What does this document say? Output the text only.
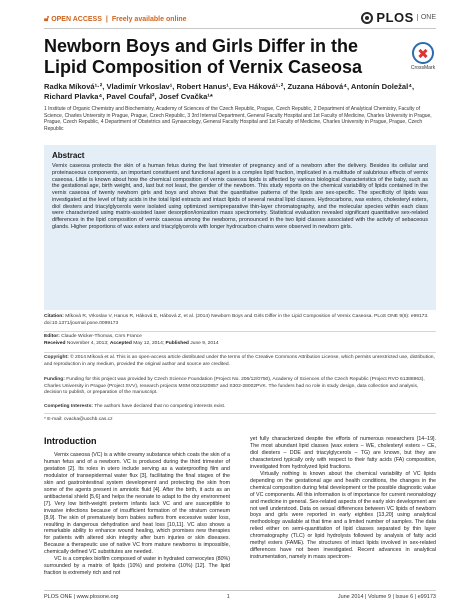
🔓︎ OPEN ACCESS | Freely available online	PLOS	ONE
Newborn Boys and Girls Differ in the Lipid Composition of Vernix Caseosa	CrossMark

Radka Míková¹·², Vladimír Vrkoslav¹, Robert Hanus¹, Eva Háková¹·², Zuzana Hábová⁴, Antonín Doležal⁴, Richard Plavka⁴, Pavel Coufal², Josef Cvačka¹*

1 Institute of Organic Chemistry and Biochemistry, Academy of Sciences of the Czech Republic, Prague, Czech Republic, 2 Department of Analytical Chemistry, Faculty of Science, Charles University in Prague, Prague, Czech Republic, 3 3rd Internal Department, General Faculty Hospital and 1st Faculty of Medicine, Charles University in Prague, Prague, Czech Republic, 4 Department of Obstetrics and Gynaecology, General Faculty Hospital and 1st Faculty of Medicine, Charles University in Prague, Prague, Czech Republic

Abstract

Vernix caseosa protects the skin of a human fetus during the last trimester of pregnancy and of a newborn after the delivery. Besides its cellular and proteinaceous components, an important constituent and functional agent is a complex lipid fraction, implicated in a multitude of salubrious effects of vernix caseosa. Little is known about how the chemical composition of vernix caseosa lipids is affected by various biological characteristics of the baby, such as the gestational age, birth weight, and, last but not least, the gender of the newborn. This study reports on the chemical variability of lipids contained in the vernix caseosa of twenty newborn girls and boys and shows that the quantitative patterns of the lipids are sex-specific. The specificity of lipids was investigated at the level of fatty acids in the total lipid extracts and intact lipids of several neutral lipid classes. Hydrocarbons, wax esters, cholesteryl esters, diol diesters and triacylglycerols were isolated using optimized semipreparative thin-layer chromatography, and the molecular species within each class were characterized using matrix-assisted laser desorption/ionization mass spectrometry. Statistical evaluation revealed significant quantitative sex-related differences in the lipid composition of vernix caseosa among the newborns, pronounced in the two lipid classes associated with the activity of sebaceous glands. Higher proportions of wax esters and triacylglycerols with longer hydrocarbon chains were observed in newborn girls.

Citation: Míková R, Vrkoslav V, Hanus R, Háková E, Hábová Z, et al. (2014) Newborn Boys and Girls Differ in the Lipid Composition of Vernix Caseosa. PLoS ONE 9(6): e99173. doi:10.1371/journal.pone.0099173

Editor: Claude Wicker-Thomas, Cnrs France

Received November 4, 2013; Accepted May 12, 2014; Published June 9, 2014

Copyright: © 2014 Míková et al. This is an open-access article distributed under the terms of the Creative Commons Attribution License, which permits unrestricted use, distribution, and reproduction in any medium, provided the original author and source are credited.

Funding: Funding for this project was provided by Czech Science Foundation (Project No. 206/12/0750), Academy of Sciences of the Czech Republic (Project RVO 61388963), Charles University in Prague (Project SVV), research projects MSM 0021620857 and S302-28002PVK. The funders had no role in study design, data collection and analysis, decision to publish, or preparation of the manuscript.

Competing Interests: The authors have declared that no competing interests exist.

* E-mail: cvacka@uochb.cas.cz

Introduction

Vernix caseosa (VC) is a white creamy substance which coats the skin of a human fetus and of a newborn. VC is produced during the third trimester of gestation [2]. Its roles in utero include serving as a waterproofing film and modulator of transepidermal water flux [3], facilitating the final stages of the skin and gastrointestinal system development and protecting the skin from some of the agents present in amniotic fluid [4]. After the birth, it acts as an antibacterial shield [5,6] and helps the neonate to adapt to the dry environment [7]. Very low birth-weight preterm infants lack VC and are susceptible to invasive infections because of insufficient formation of the stratum corneum [8,9]. The skin of prematurely born babies suffers from excessive water loss, resulting in dangerous dehydration and heat loss [10,11]. VC also shows a remarkable ability to enhance wound healing, which promises new therapies for patients with altered skin integrity after burn injuries or skin diseases. Because a therapeutic use of native VC from mature newborns is impossible, chemically defined VC substitutes are needed.

VC is a complex biofilm composed of water in hydrated corneocytes (80%) surrounded by a matrix of lipids (10%) and proteins (10%) [12]. The lipid fraction is extremely rich and not

yet fully characterized despite the efforts of numerous researchers [14–19]. The most abundant lipid classes (wax esters – WE, cholesteryl esters – CE, diol diesters – DDE and triacylglycerols – TG) are known, but they are characterized typically only with respect to their fatty acids (FA) composition, investigated from hydrolyzed lipid fractions.

Virtually nothing is known about the chemical variability of VC lipids depending on the gestational age and health conditions, the changes in the chemical composition during fetal development or the possible diagnostic value of VC components. All this information is of importance for current neonatology and medicine in general. Sex-related aspects of the early skin development are not well understood. Data on sexual differences between VC lipids of newborn boys and girls were reported in early eighties [13,20] using analytical methodology available at that time and a limited number of samples. The data relied either on semi-quantitation of lipid classes separated by thin layer chromatography (TLC) or lipid hydrolysis followed by analysis of fatty acid methyl esters (FAME). The structures of intact lipids involved in sex-related differences have not been investigated. Recent advances in analytical instrumentation, namely in mass spectrom-

PLOS ONE | www.plosone.org	1	June 2014 | Volume 9 | Issue 6 | e99173
